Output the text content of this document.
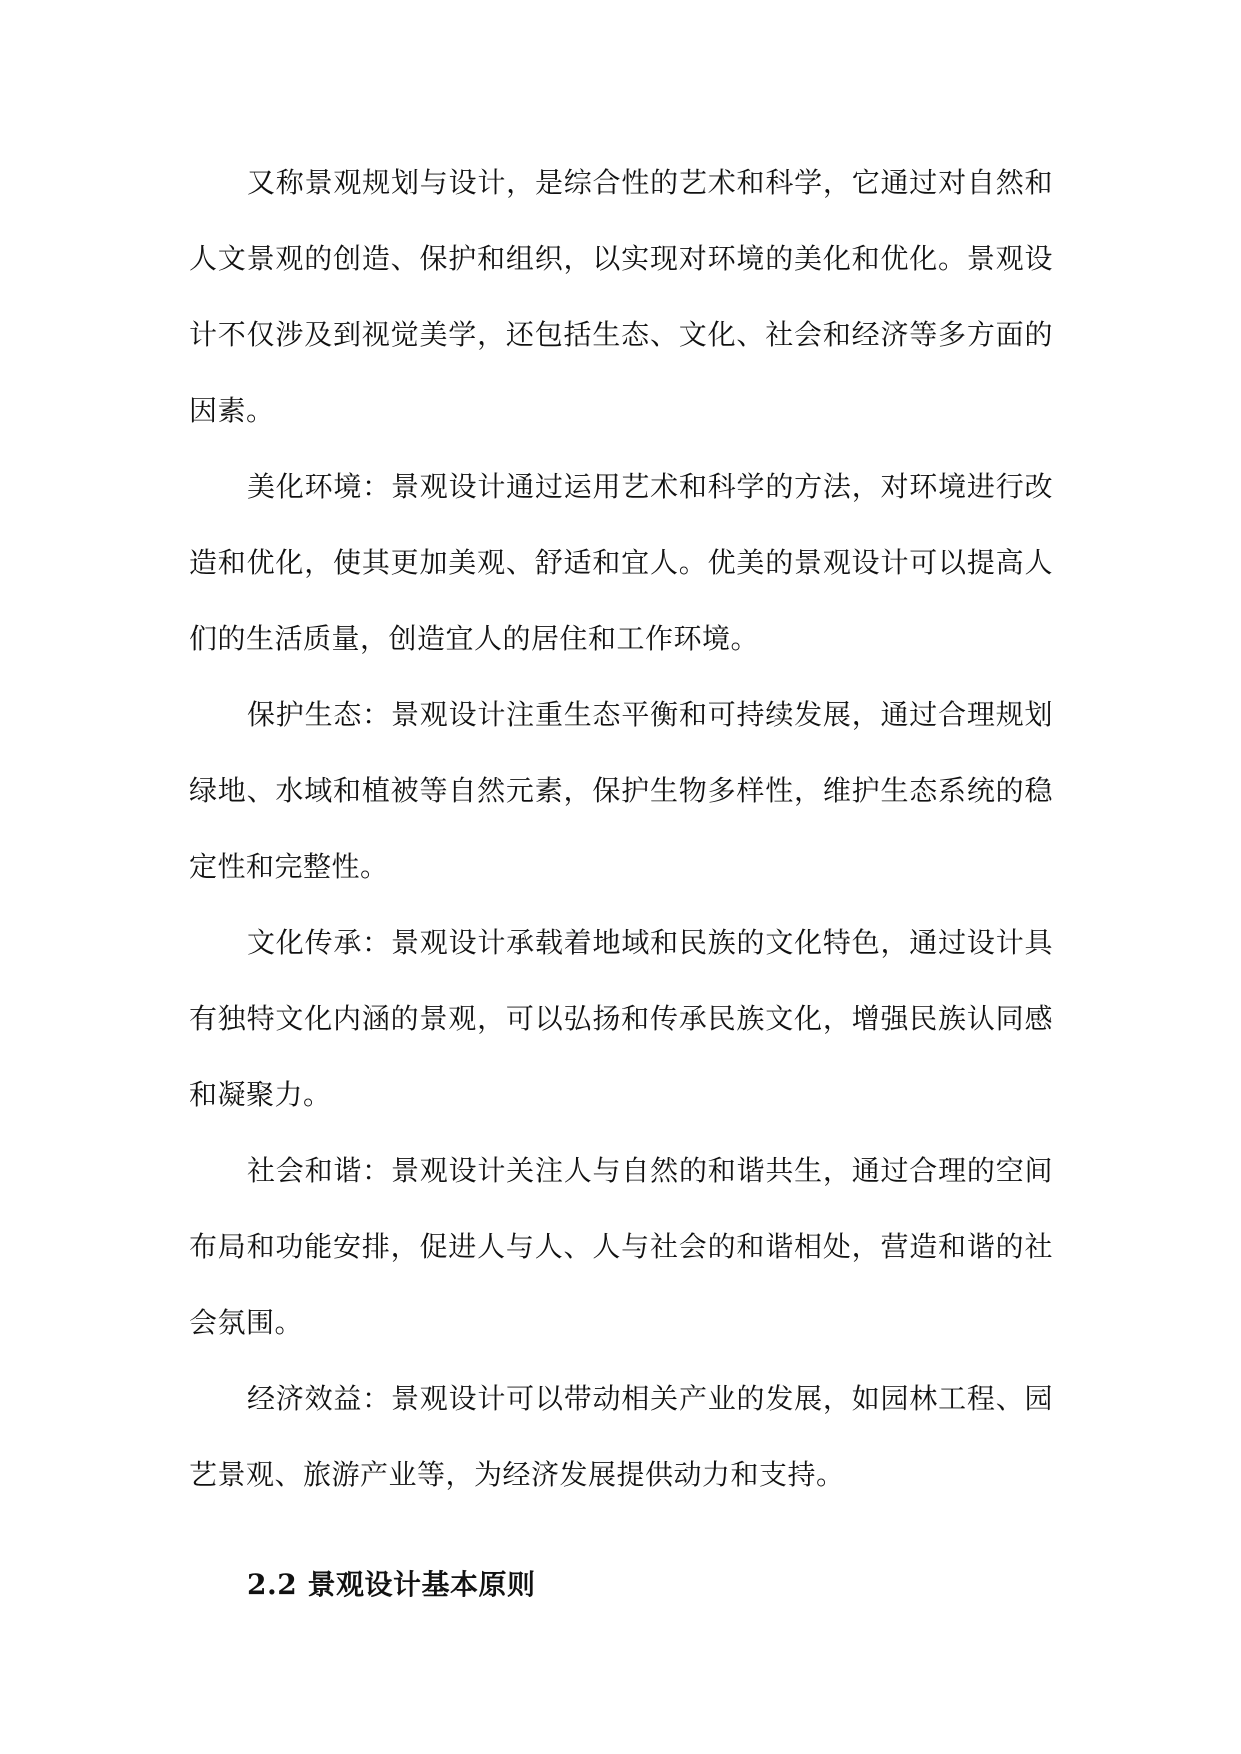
又称景观规划与设计，是综合性的艺术和科学，它通过对自然和人文景观的创造、保护和组织，以实现对环境的美化和优化。景观设计不仅涉及到视觉美学，还包括生态、文化、社会和经济等多方面的因素。

美化环境：景观设计通过运用艺术和科学的方法，对环境进行改造和优化，使其更加美观、舒适和宜人。优美的景观设计可以提高人们的生活质量，创造宜人的居住和工作环境。

保护生态：景观设计注重生态平衡和可持续发展，通过合理规划绿地、水域和植被等自然元素，保护生物多样性，维护生态系统的稳定性和完整性。

文化传承：景观设计承载着地域和民族的文化特色，通过设计具有独特文化内涵的景观，可以弘扬和传承民族文化，增强民族认同感和凝聚力。

社会和谐：景观设计关注人与自然的和谐共生，通过合理的空间布局和功能安排，促进人与人、人与社会的和谐相处，营造和谐的社会氛围。

经济效益：景观设计可以带动相关产业的发展，如园林工程、园艺景观、旅游产业等，为经济发展提供动力和支持。

2.2 景观设计基本原则
